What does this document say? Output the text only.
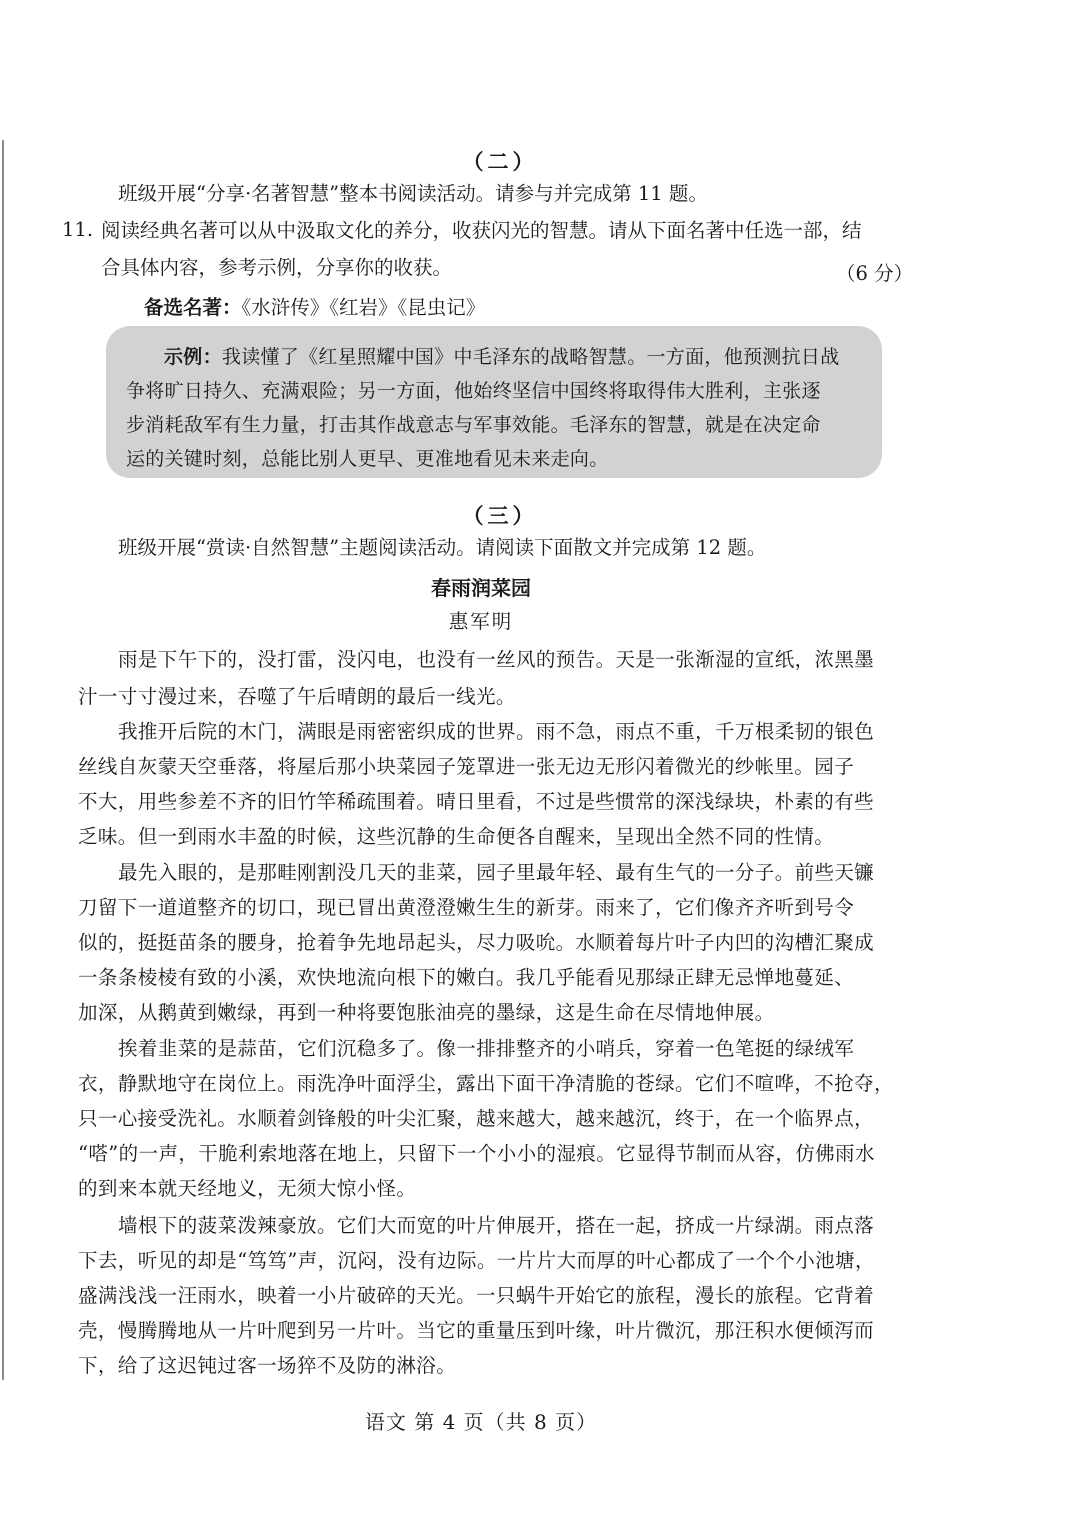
（二）
班级开展“分享·名著智慧”整本书阅读活动。请参与并完成第 11 题。
11. 阅读经典名著可以从中汲取文化的养分，收获闪光的智慧。请从下面名著中任选一部，结
合具体内容，参考示例，分享你的收获。	（6 分）
备选名著：《水浒传》《红岩》《昆虫记》
示例：我读懂了《红星照耀中国》中毛泽东的战略智慧。一方面，他预测抗日战
争将旷日持久、充满艰险；另一方面，他始终坚信中国终将取得伟大胜利，主张逐
步消耗敌军有生力量，打击其作战意志与军事效能。毛泽东的智慧，就是在决定命
运的关键时刻，总能比别人更早、更准地看见未来走向。
（三）
班级开展“赏读·自然智慧”主题阅读活动。请阅读下面散文并完成第 12 题。
春雨润菜园
惠军明
雨是下午下的，没打雷，没闪电，也没有一丝风的预告。天是一张渐湿的宣纸，浓黑墨
汁一寸寸漫过来，吞噬了午后晴朗的最后一线光。
我推开后院的木门，满眼是雨密密织成的世界。雨不急，雨点不重，千万根柔韧的银色
丝线自灰蒙天空垂落，将屋后那小块菜园子笼罩进一张无边无形闪着微光的纱帐里。园子
不大，用些参差不齐的旧竹竿稀疏围着。晴日里看，不过是些惯常的深浅绿块，朴素的有些
乏味。但一到雨水丰盈的时候，这些沉静的生命便各自醒来，呈现出全然不同的性情。
最先入眼的，是那畦刚割没几天的韭菜，园子里最年轻、最有生气的一分子。前些天镰
刀留下一道道整齐的切口，现已冒出黄澄澄嫩生生的新芽。雨来了，它们像齐齐听到号令
似的，挺挺苗条的腰身，抢着争先地昂起头，尽力吸吮。水顺着每片叶子内凹的沟槽汇聚成
一条条棱棱有致的小溪，欢快地流向根下的嫩白。我几乎能看见那绿正肆无忌惮地蔓延、
加深，从鹅黄到嫩绿，再到一种将要饱胀油亮的墨绿，这是生命在尽情地伸展。
挨着韭菜的是蒜苗，它们沉稳多了。像一排排整齐的小哨兵，穿着一色笔挺的绿绒军
衣，静默地守在岗位上。雨洗净叶面浮尘，露出下面干净清脆的苍绿。它们不喧哗，不抢夺，
只一心接受洗礼。水顺着剑锋般的叶尖汇聚，越来越大，越来越沉，终于，在一个临界点，
“嗒”的一声，干脆利索地落在地上，只留下一个小小的湿痕。它显得节制而从容，仿佛雨水
的到来本就天经地义，无须大惊小怪。
墙根下的菠菜泼辣豪放。它们大而宽的叶片伸展开，搭在一起，挤成一片绿湖。雨点落
下去，听见的却是“笃笃”声，沉闷，没有边际。一片片大而厚的叶心都成了一个个小池塘，
盛满浅浅一汪雨水，映着一小片破碎的天光。一只蜗牛开始它的旅程，漫长的旅程。它背着
壳，慢腾腾地从一片叶爬到另一片叶。当它的重量压到叶缘，叶片微沉，那汪积水便倾泻而
下，给了这迟钝过客一场猝不及防的淋浴。
语文 第 4 页（共 8 页）
